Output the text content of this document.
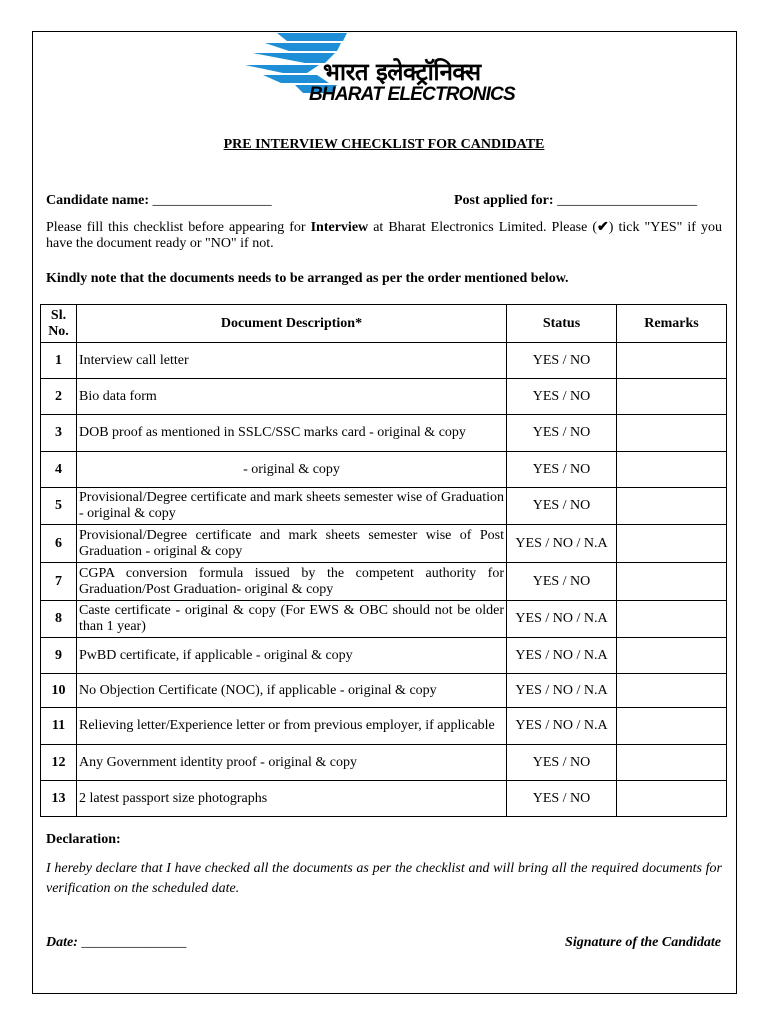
भारत इलेक्ट्रॉनिक्स
BHARAT ELECTRONICS
PRE INTERVIEW CHECKLIST FOR CANDIDATE
Candidate name: _________________	Post applied for: ____________________
Please fill this checklist before appearing for Interview at Bharat Electronics Limited. Please (✔) tick "YES" if you have the document ready or "NO" if not.
Kindly note that the documents needs to be arranged as per the order mentioned below.
Sl. No.	Document Description*	Status	Remarks
1	Interview call letter	YES / NO	
2	Bio data form	YES / NO	
3	DOB proof as mentioned in SSLC/SSC marks card - original & copy	YES / NO	
4	- original & copy	YES / NO	
5	Provisional/Degree certificate and mark sheets semester wise of Graduation - original & copy	YES / NO	
6	Provisional/Degree certificate and mark sheets semester wise of Post Graduation - original & copy	YES / NO / N.A	
7	CGPA conversion formula issued by the competent authority for Graduation/Post Graduation- original & copy	YES / NO	
8	Caste certificate - original & copy (For EWS & OBC should not be older than 1 year)	YES / NO / N.A	
9	PwBD certificate, if applicable - original & copy	YES / NO / N.A	
10	No Objection Certificate (NOC), if applicable - original & copy	YES / NO / N.A	
11	Relieving letter/Experience letter or from previous employer, if applicable	YES / NO / N.A	
12	Any Government identity proof - original & copy	YES / NO	
13	2 latest passport size photographs	YES / NO	
Declaration:
I hereby declare that I have checked all the documents as per the checklist and will bring all the required documents for verification on the scheduled date.
Date: _______________	Signature of the Candidate
